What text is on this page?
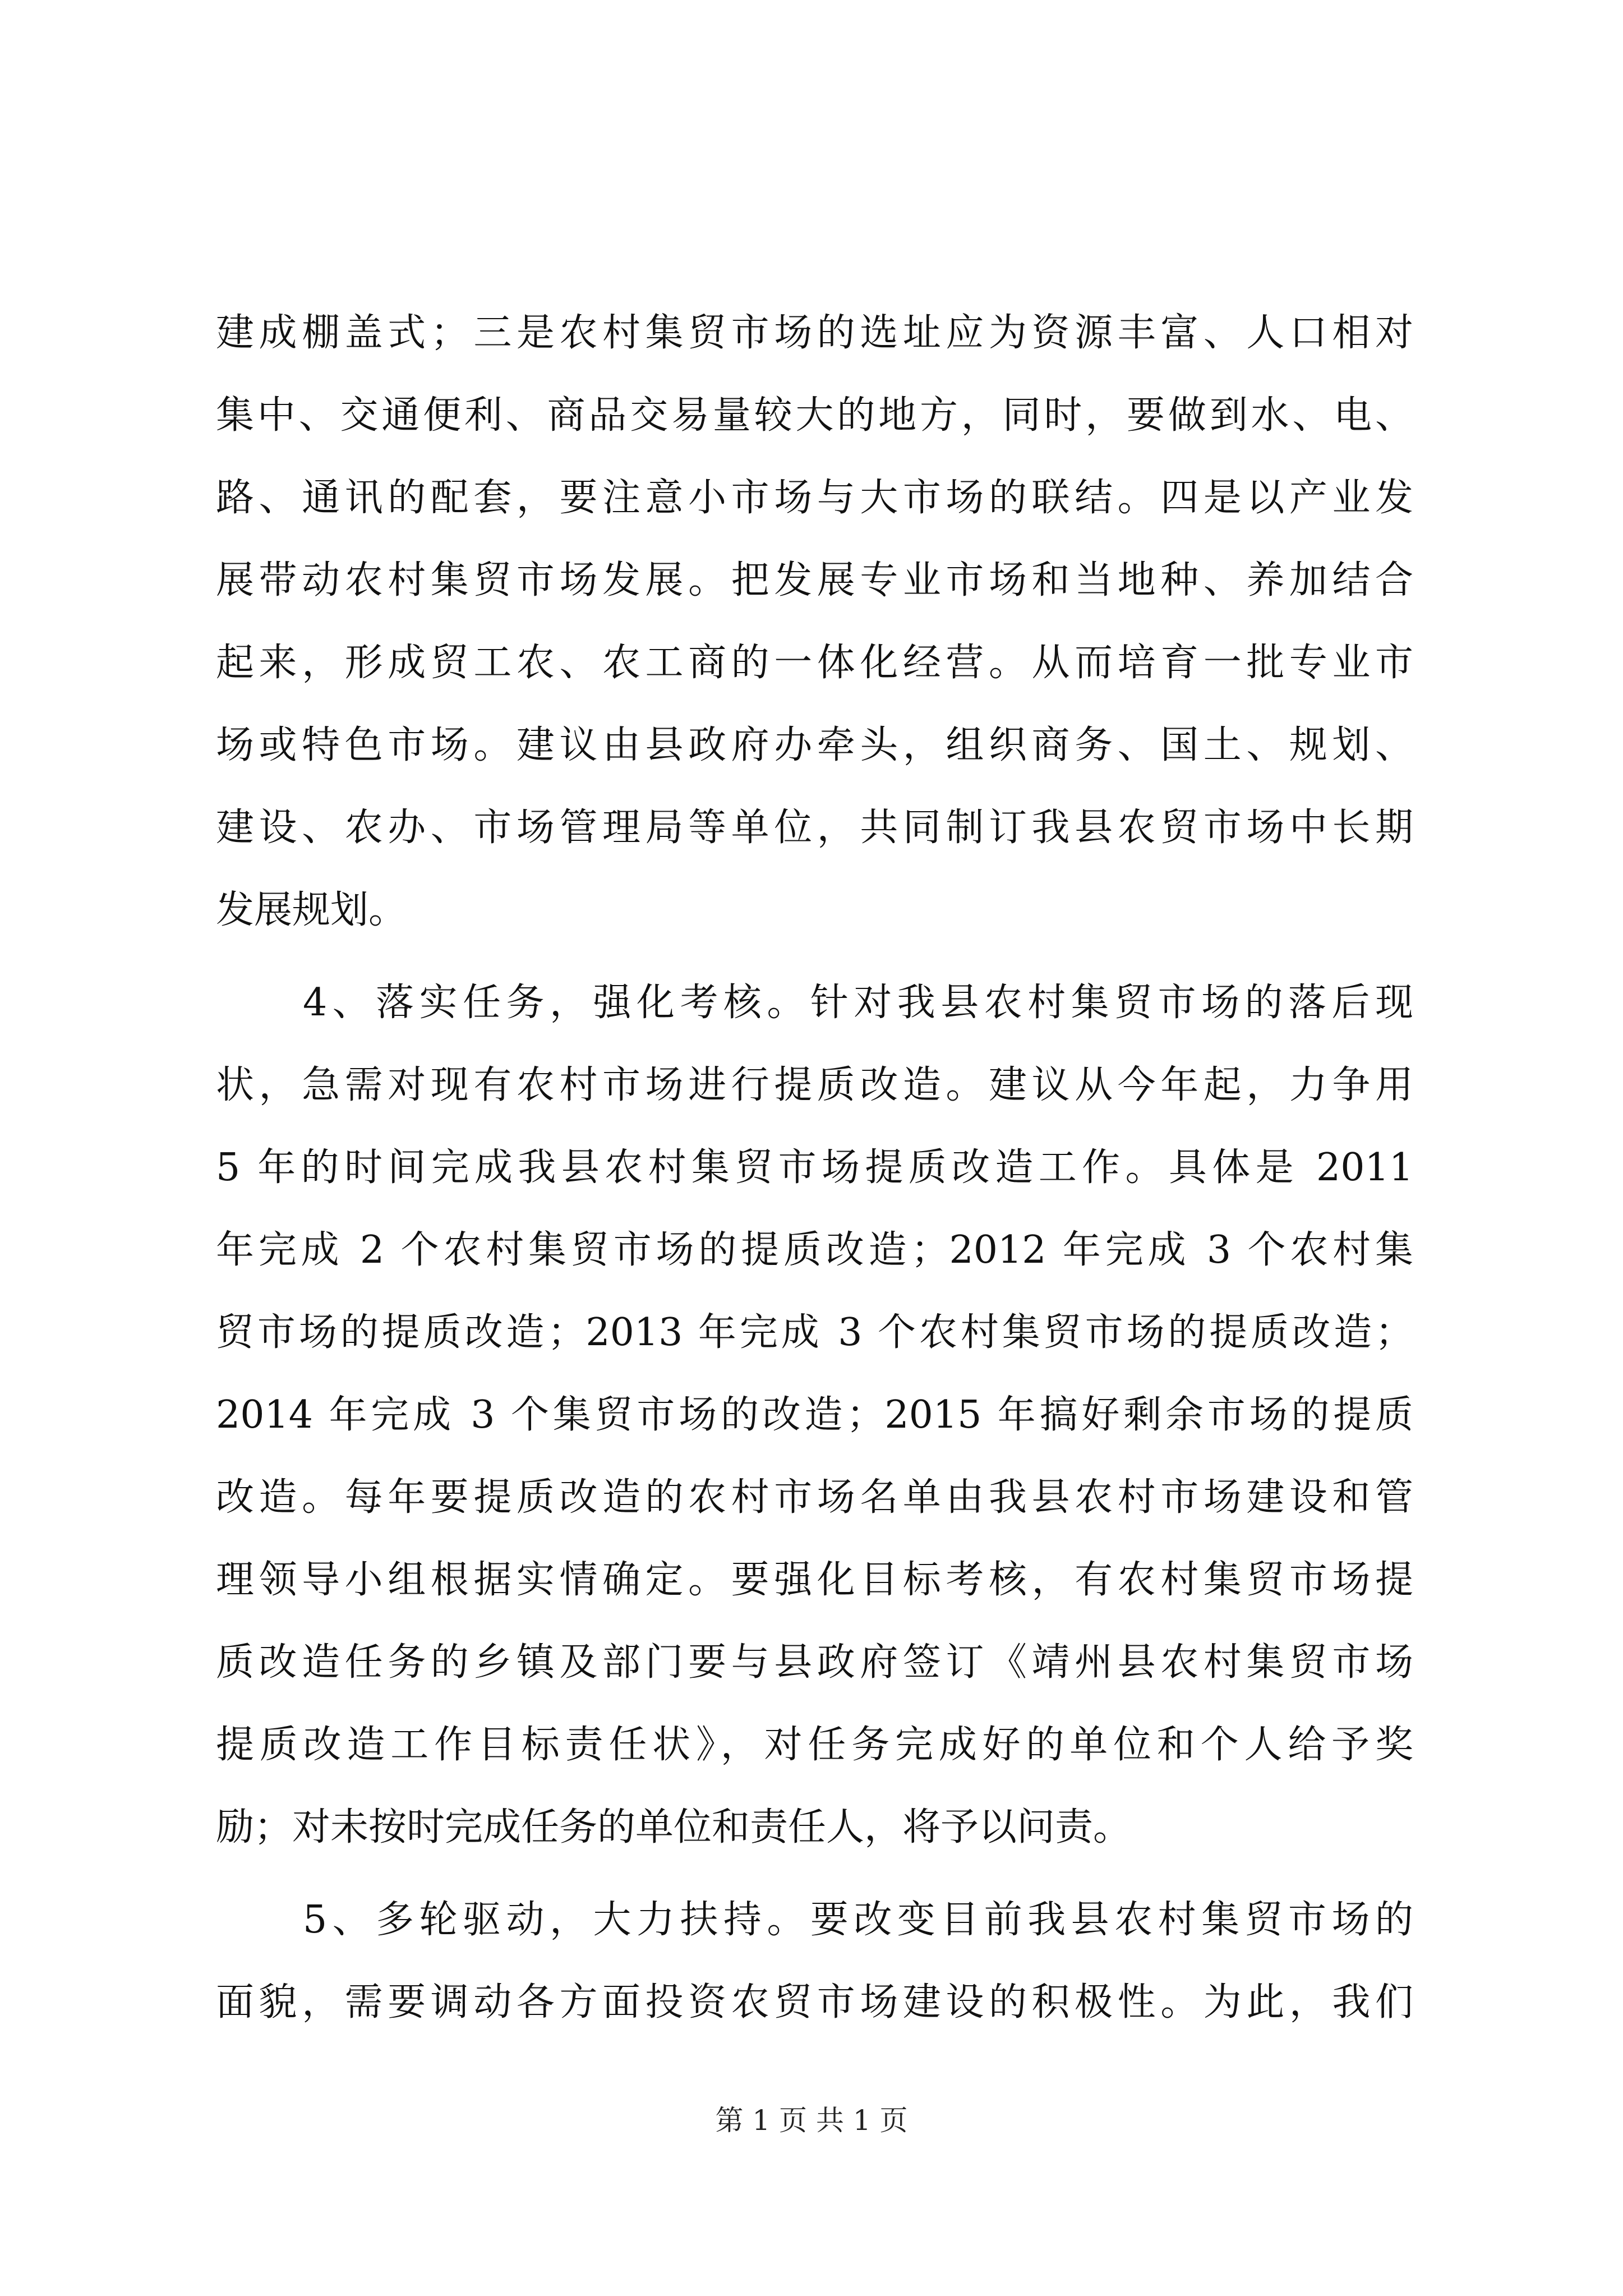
建成棚盖式；三是农村集贸市场的选址应为资源丰富、人口相对
集中、交通便利、商品交易量较大的地方，同时，要做到水、电、
路、通讯的配套，要注意小市场与大市场的联结。四是以产业发
展带动农村集贸市场发展。把发展专业市场和当地种、养加结合
起来，形成贸工农、农工商的一体化经营。从而培育一批专业市
场或特色市场。建议由县政府办牵头，组织商务、国土、规划、
建设、农办、市场管理局等单位，共同制订我县农贸市场中长期
发展规划。
　　4、落实任务，强化考核。针对我县农村集贸市场的落后现
状，急需对现有农村市场进行提质改造。建议从今年起，力争用
5 年的时间完成我县农村集贸市场提质改造工作。具体是 2011
年完成 2 个农村集贸市场的提质改造；2012 年完成 3 个农村集
贸市场的提质改造；2013 年完成 3 个农村集贸市场的提质改造；
2014 年完成 3 个集贸市场的改造；2015 年搞好剩余市场的提质
改造。每年要提质改造的农村市场名单由我县农村市场建设和管
理领导小组根据实情确定。要强化目标考核，有农村集贸市场提
质改造任务的乡镇及部门要与县政府签订《靖州县农村集贸市场
提质改造工作目标责任状》，对任务完成好的单位和个人给予奖
励；对未按时完成任务的单位和责任人，将予以问责。
　　5、多轮驱动，大力扶持。要改变目前我县农村集贸市场的
面貌，需要调动各方面投资农贸市场建设的积极性。为此，我们
第 1 页 共 1 页
